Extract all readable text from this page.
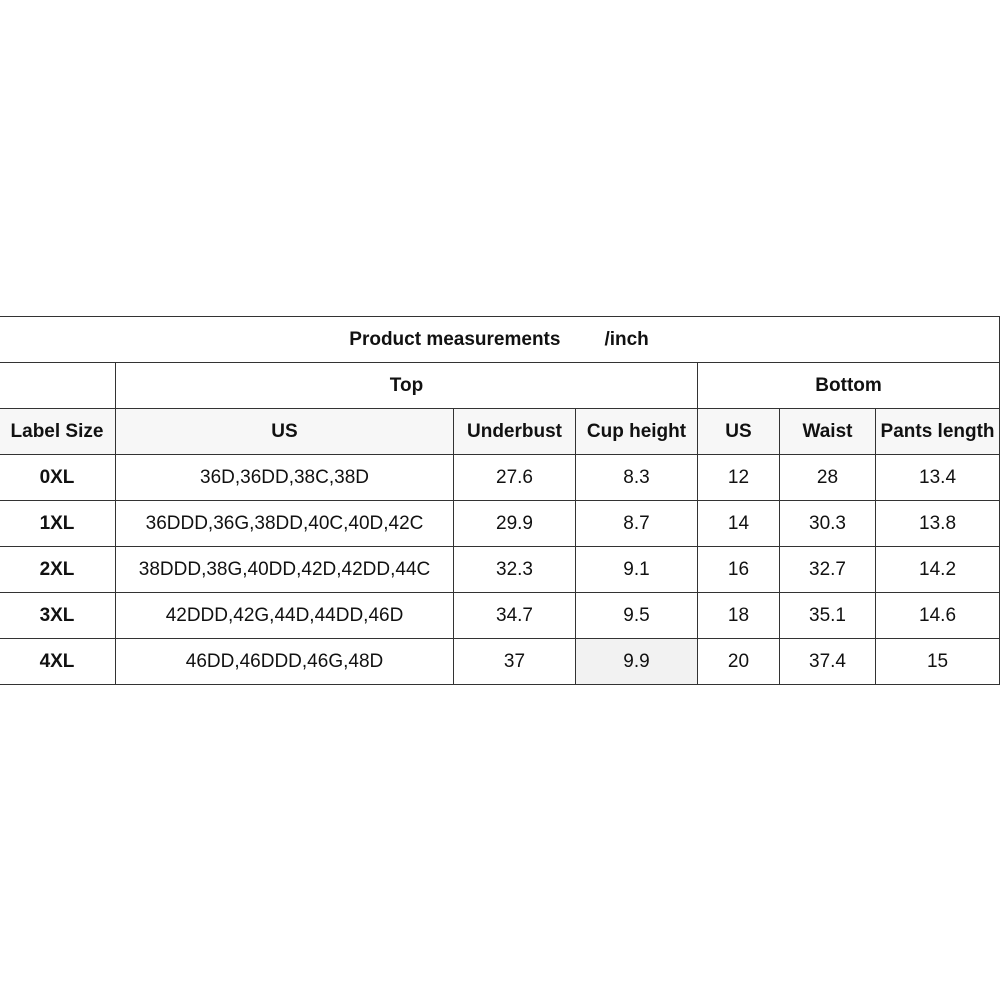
Product measurements /inch						
	Top			Bottom		
Label Size	US	Underbust	Cup height	US	Waist	Pants length
0XL	36D,36DD,38C,38D	27.6	8.3	12	28	13.4
1XL	36DDD,36G,38DD,40C,40D,42C	29.9	8.7	14	30.3	13.8
2XL	38DDD,38G,40DD,42D,42DD,44C	32.3	9.1	16	32.7	14.2
3XL	42DDD,42G,44D,44DD,46D	34.7	9.5	18	35.1	14.6
4XL	46DD,46DDD,46G,48D	37	9.9	20	37.4	15
